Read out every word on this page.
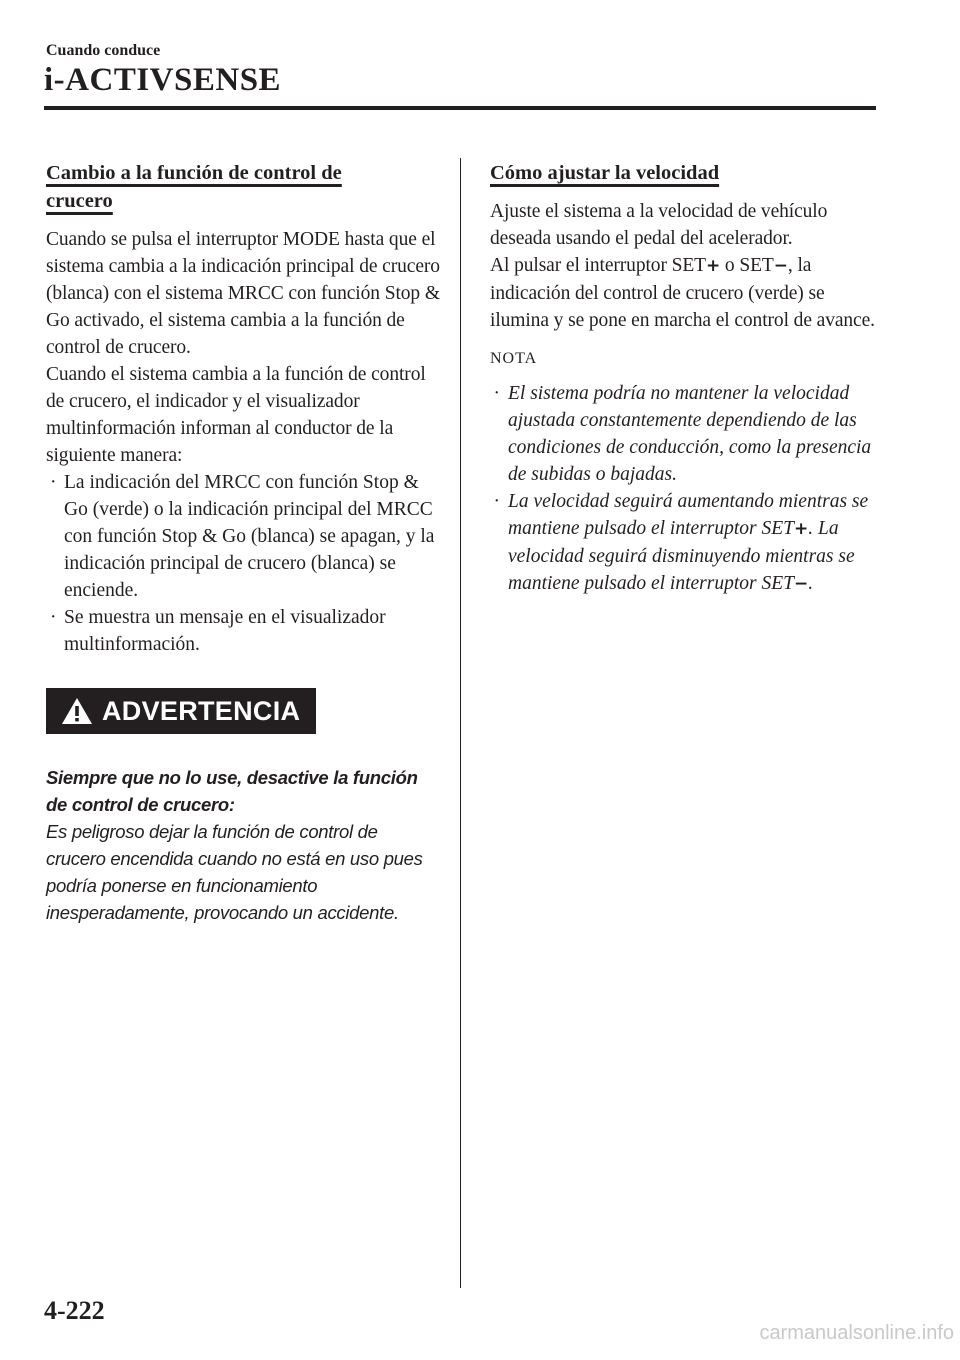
Cuando conduce
i-ACTIVSENSE
Cambio a la función de control de
crucero

Cuando se pulsa el interruptor MODE hasta que el sistema cambia a la indicación principal de crucero (blanca) con el sistema MRCC con función Stop & Go activado, el sistema cambia a la función de control de crucero.

Cuando el sistema cambia a la función de control de crucero, el indicador y el visualizador multinformación informan al conductor de la siguiente manera:

· La indicación del MRCC con función Stop & Go (verde) o la indicación principal del MRCC con función Stop & Go (blanca) se apagan, y la indicación principal de crucero (blanca) se enciende.
· Se muestra un mensaje en el visualizador multinformación.
ADVERTENCIA
Siempre que no lo use, desactive la función de control de crucero:
Es peligroso dejar la función de control de crucero encendida cuando no está en uso pues podría ponerse en funcionamiento inesperadamente, provocando un accidente.
Cómo ajustar la velocidad

Ajuste el sistema a la velocidad de vehículo deseada usando el pedal del acelerador.

Al pulsar el interruptor SET+ o SET−, la indicación del control de crucero (verde) se ilumina y se pone en marcha el control de avance.

NOTA
· El sistema podría no mantener la velocidad ajustada constantemente dependiendo de las condiciones de conducción, como la presencia de subidas o bajadas.
· La velocidad seguirá aumentando mientras se mantiene pulsado el interruptor SET+. La velocidad seguirá disminuyendo mientras se mantiene pulsado el interruptor SET−.
4-222
carmanualsonline.info
